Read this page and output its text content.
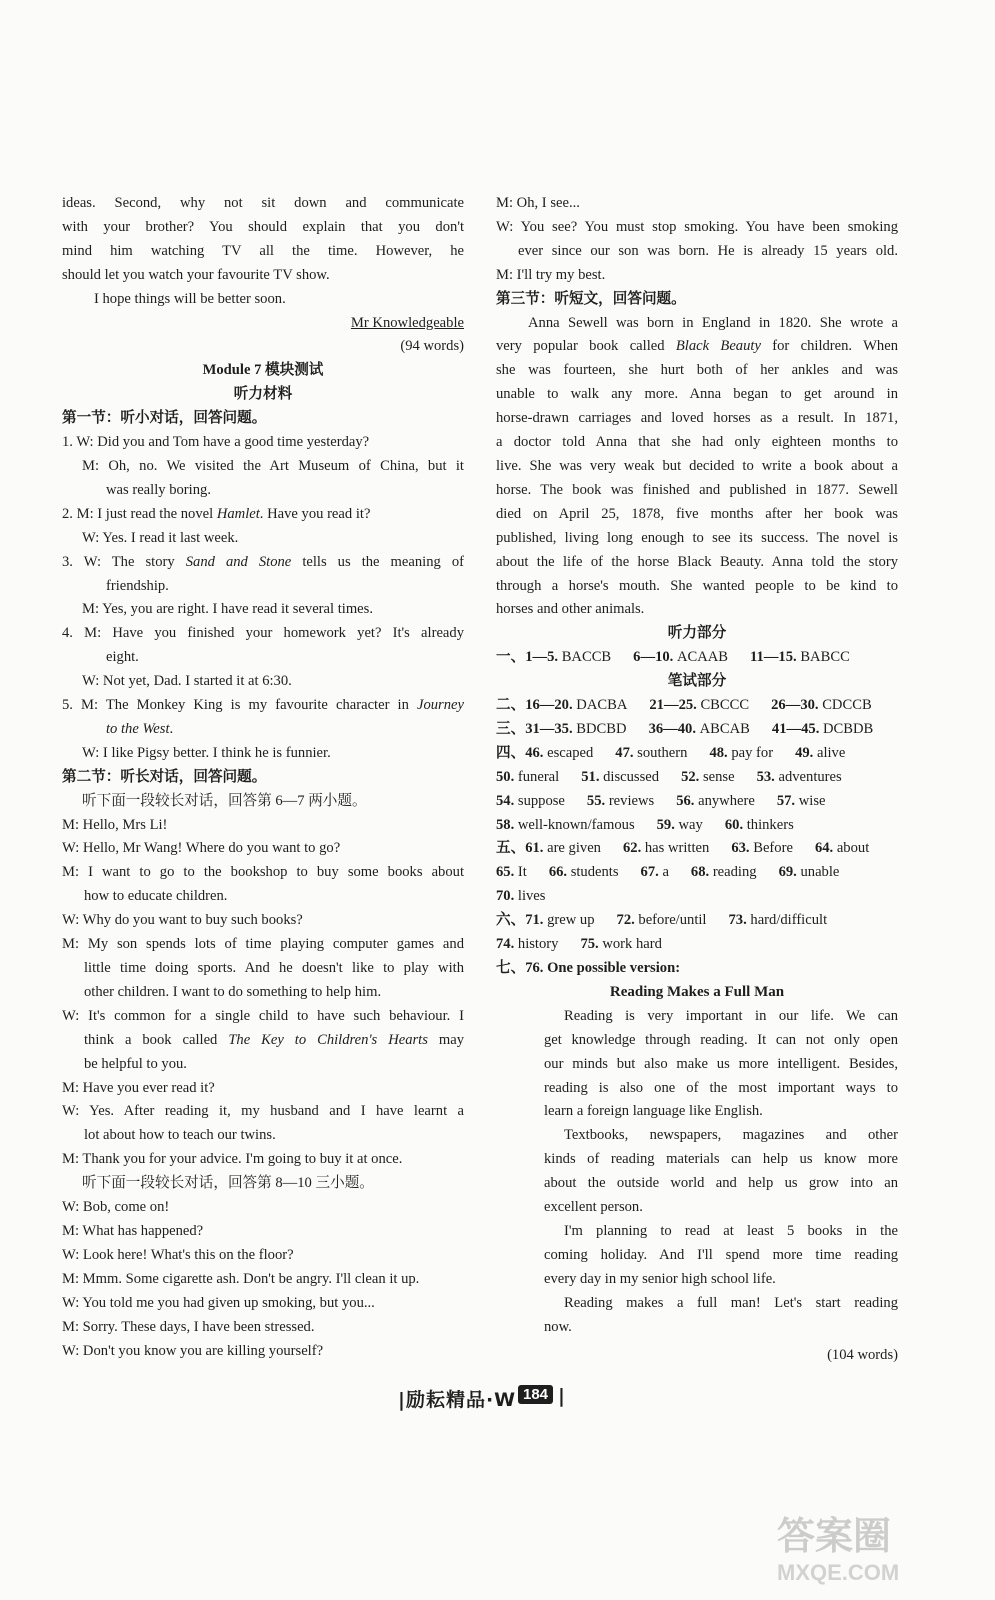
ideas. Second, why not sit down and communicate
with your brother? You should explain that you don't
mind him watching TV all the time. However, he
should let you watch your favourite TV show.
I hope things will be better soon.
Mr Knowledgeable
(94 words)
Module 7 模块测试
听力材料
第一节：听小对话，回答问题。
1. W: Did you and Tom have a good time yesterday?
M: Oh, no. We visited the Art Museum of China, but it
was really boring.
2. M: I just read the novel Hamlet. Have you read it?
W: Yes. I read it last week.
3. W: The story Sand and Stone tells us the meaning of
friendship.
M: Yes, you are right. I have read it several times.
4. M: Have you finished your homework yet? It's already
eight.
W: Not yet, Dad. I started it at 6:30.
5. M: The Monkey King is my favourite character in Journey
to the West.
W: I like Pigsy better. I think he is funnier.
第二节：听长对话，回答问题。
听下面一段较长对话，回答第 6—7 两小题。
M: Hello, Mrs Li!
W: Hello, Mr Wang! Where do you want to go?
M: I want to go to the bookshop to buy some books about
how to educate children.
W: Why do you want to buy such books?
M: My son spends lots of time playing computer games and
little time doing sports. And he doesn't like to play with
other children. I want to do something to help him.
W: It's common for a single child to have such behaviour. I
think a book called The Key to Children's Hearts may
be helpful to you.
M: Have you ever read it?
W: Yes. After reading it, my husband and I have learnt a
lot about how to teach our twins.
M: Thank you for your advice. I'm going to buy it at once.
听下面一段较长对话，回答第 8—10 三小题。
W: Bob, come on!
M: What has happened?
W: Look here! What's this on the floor?
M: Mmm. Some cigarette ash. Don't be angry. I'll clean it up.
W: You told me you had given up smoking, but you...
M: Sorry. These days, I have been stressed.
W: Don't you know you are killing yourself?
M: Oh, I see...
W: You see? You must stop smoking. You have been smoking
ever since our son was born. He is already 15 years old.
M: I'll try my best.
第三节：听短文，回答问题。
Anna Sewell was born in England in 1820. She wrote a
very popular book called Black Beauty for children. When
she was fourteen, she hurt both of her ankles and was
unable to walk any more. Anna began to get around in
horse-drawn carriages and loved horses as a result. In 1871,
a doctor told Anna that she had only eighteen months to
live. She was very weak but decided to write a book about a
horse. The book was finished and published in 1877. Sewell
died on April 25, 1878, five months after her book was
published, living long enough to see its success. The novel is
about the life of the horse Black Beauty. Anna told the story
through a horse's mouth. She wanted people to be kind to
horses and other animals.
听力部分
一、1—5. BACCB 6—10. ACAAB 11—15. BABCC
笔试部分
二、16—20. DACBA 21—25. CBCCC 26—30. CDCCB
三、31—35. BDCBD 36—40. ABCAB 41—45. DCBDB
四、46. escaped 47. southern 48. pay for 49. alive
50. funeral 51. discussed 52. sense 53. adventures
54. suppose 55. reviews 56. anywhere 57. wise
58. well-known/famous 59. way 60. thinkers
五、61. are given 62. has written 63. Before 64. about
65. It 66. students 67. a 68. reading 69. unable
70. lives
六、71. grew up 72. before/until 73. hard/difficult
74. history 75. work hard
七、76. One possible version:
Reading Makes a Full Man
Reading is very important in our life. We can
get knowledge through reading. It can not only open
our minds but also make us more intelligent. Besides,
reading is also one of the most important ways to
learn a foreign language like English.
Textbooks, newspapers, magazines and other
kinds of reading materials can help us know more
about the outside world and help us grow into an
excellent person.
I'm planning to read at least 5 books in the
coming holiday. And I'll spend more time reading
every day in my senior high school life.
Reading makes a full man! Let's start reading
now.
(104 words)
|励耘精品·W 184 |
答案圈
MXQE.COM
